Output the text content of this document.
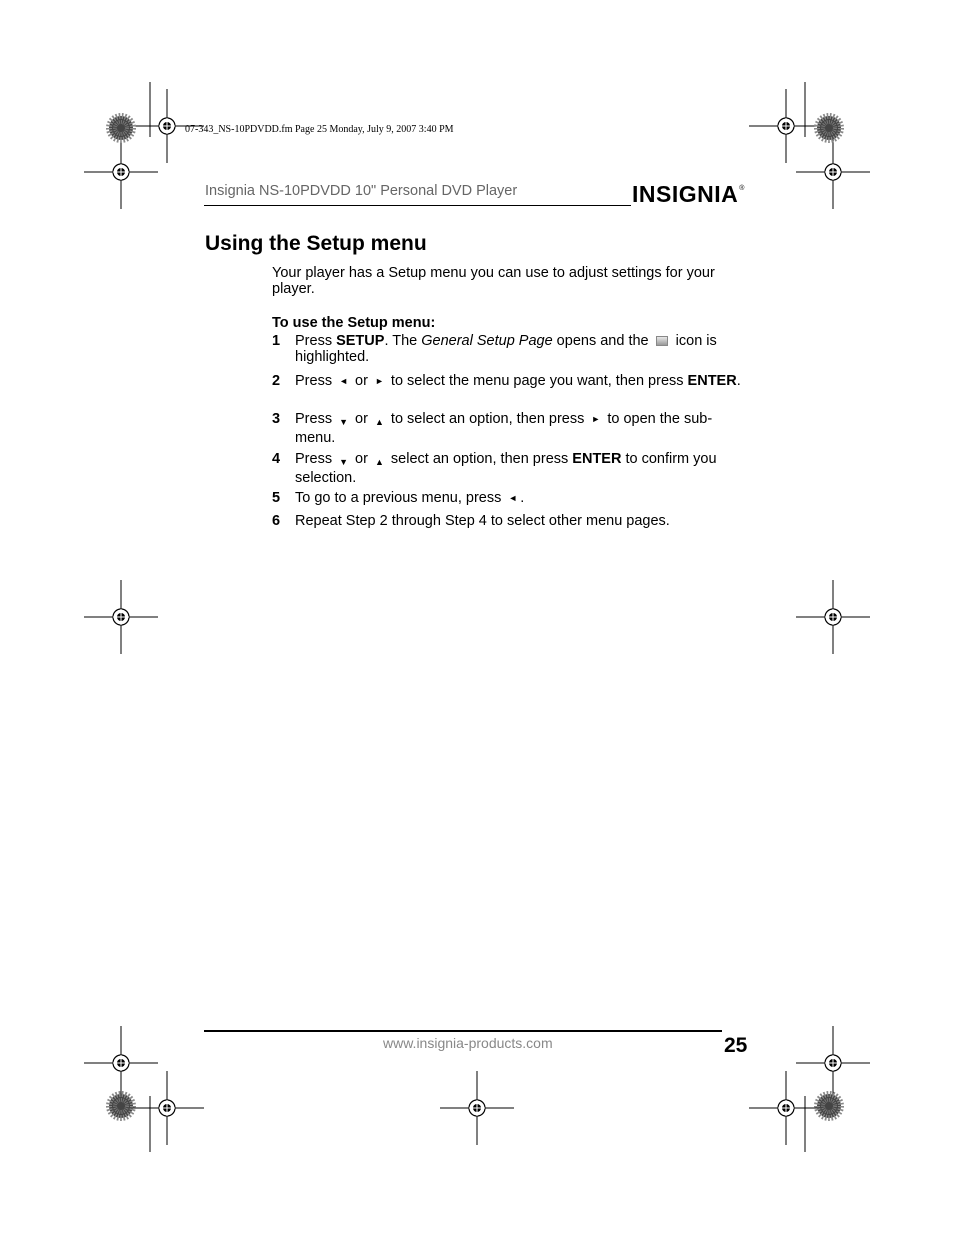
07-343_NS-10PDVDD.fm Page 25 Monday, July 9, 2007 3:40 PM
Insignia NS-10PDVDD 10" Personal DVD Player	INSIGNIA®
Using the Setup menu
Your player has a Setup menu you can use to adjust settings for your player.
To use the Setup menu:
1 Press SETUP. The General Setup Page opens and the  icon is highlighted.
2 Press ◄ or ► to select the menu page you want, then press ENTER.
3 Press ▼ or ▲ to select an option, then press ► to open the sub-menu.
4 Press ▼ or ▲ select an option, then press ENTER to confirm you selection.
5 To go to a previous menu, press ◄ .
6 Repeat Step 2 through Step 4 to select other menu pages.
www.insignia-products.com	25
